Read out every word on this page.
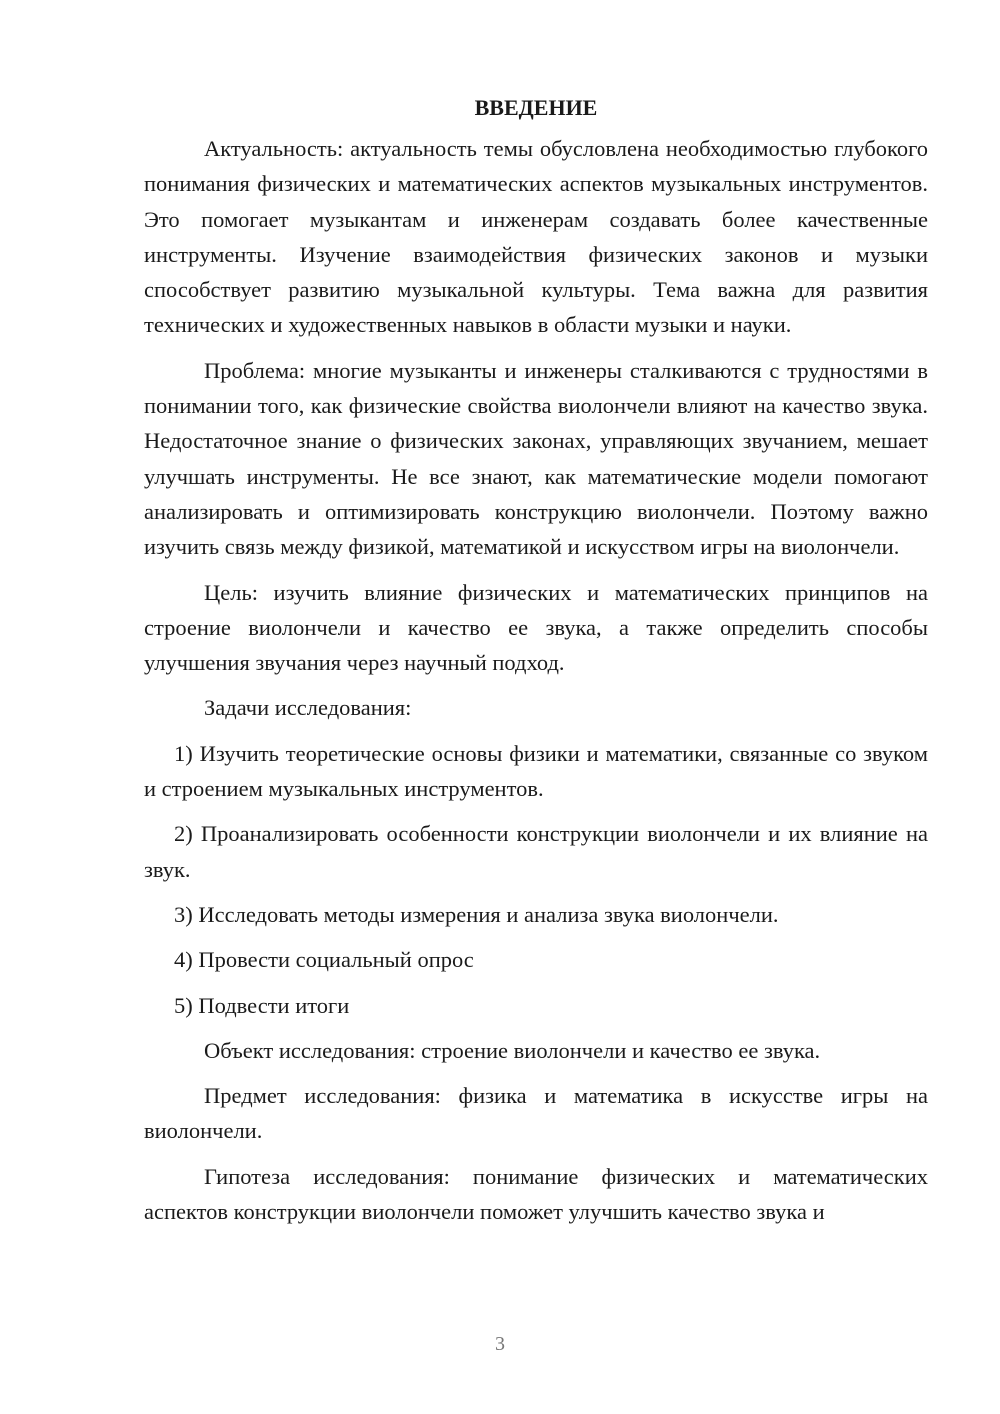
ВВЕДЕНИЕ

Актуальность: актуальность темы обусловлена необходимостью глубокого понимания физических и математических аспектов музыкальных инструментов. Это помогает музыкантам и инженерам создавать более качественные инструменты. Изучение взаимодействия физических законов и музыки способствует развитию музыкальной культуры. Тема важна для развития технических и художественных навыков в области музыки и науки.

Проблема: многие музыканты и инженеры сталкиваются с трудностями в понимании того, как физические свойства виолончели влияют на качество звука. Недостаточное знание о физических законах, управляющих звучанием, мешает улучшать инструменты. Не все знают, как математические модели помогают анализировать и оптимизировать конструкцию виолончели. Поэтому важно изучить связь между физикой, математикой и искусством игры на виолончели.

Цель: изучить влияние физических и математических принципов на строение виолончели и качество ее звука, а также определить способы улучшения звучания через научный подход.

Задачи исследования:

1) Изучить теоретические основы физики и математики, связанные со звуком и строением музыкальных инструментов.

2) Проанализировать особенности конструкции виолончели и их влияние на звук.

3) Исследовать методы измерения и анализа звука виолончели.

4) Провести социальный опрос

5) Подвести итоги

Объект исследования: строение виолончели и качество ее звука.

Предмет исследования: физика и математика в искусстве игры на виолончели.

Гипотеза исследования: понимание физических и математических аспектов конструкции виолончели поможет улучшить качество звука и

3
